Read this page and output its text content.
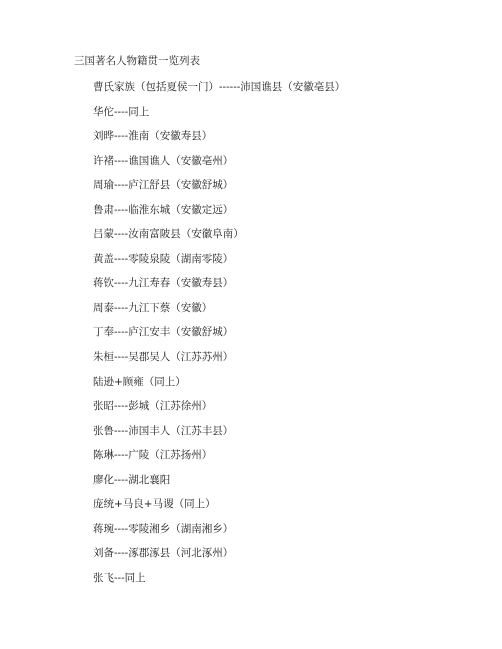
三国著名人物籍贯一览列表
曹氏家族（包括夏侯一门）------沛国谯县（安徽亳县）
华佗----同上
刘晔----淮南（安徽寿县）
许褚----谯国谯人（安徽亳州）
周瑜----庐江舒县（安徽舒城）
鲁肃----临淮东城（安徽定远）
吕蒙----汝南富陂县（安徽阜南）
黄盖----零陵泉陵（湖南零陵）
蒋钦----九江寿春（安徽寿县）
周泰----九江下蔡（安徽）
丁奉----庐江安丰（安徽舒城）
朱桓----吴郡吴人（江苏苏州）
陆逊+顾雍（同上）
张昭----彭城（江苏徐州）
张鲁----沛国丰人（江苏丰县）
陈琳----广陵（江苏扬州）
廖化----湖北襄阳
庞统+马良+马谡（同上）
蒋琬----零陵湘乡（湖南湘乡）
刘备----涿郡涿县（河北涿州）
张飞---同上
